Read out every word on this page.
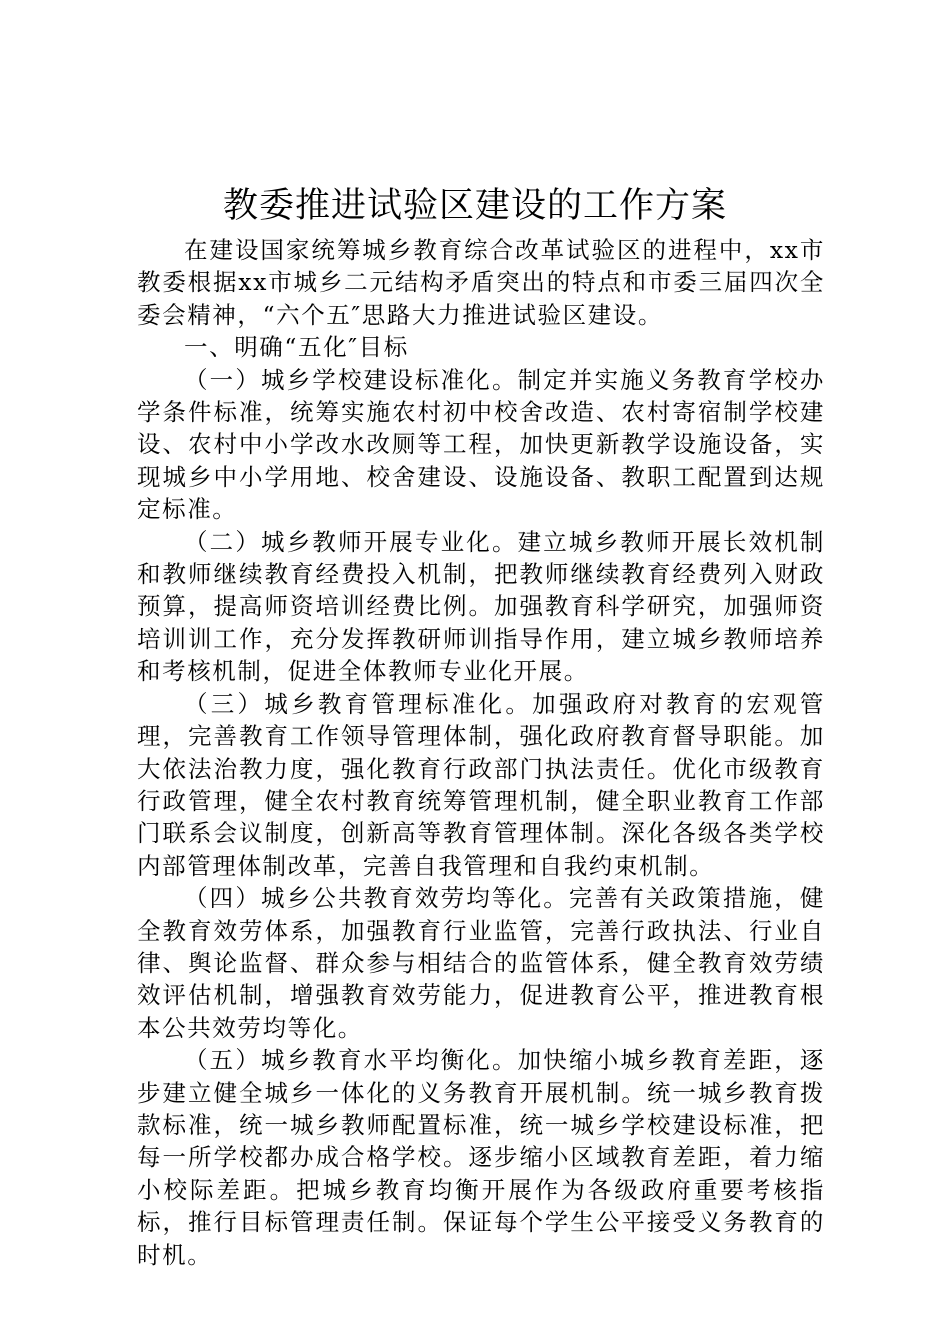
教委推进试验区建设的工作方案

在建设国家统筹城乡教育综合改革试验区的进程中，xx市教委根据xx市城乡二元结构矛盾突出的特点和市委三届四次全委会精神，“六个五″思路大力推进试验区建设。

一、明确“五化″目标

（一）城乡学校建设标准化。制定并实施义务教育学校办学条件标准，统筹实施农村初中校舍改造、农村寄宿制学校建设、农村中小学改水改厕等工程，加快更新教学设施设备，实现城乡中小学用地、校舍建设、设施设备、教职工配置到达规定标准。

（二）城乡教师开展专业化。建立城乡教师开展长效机制和教师继续教育经费投入机制，把教师继续教育经费列入财政预算，提高师资培训经费比例。加强教育科学研究，加强师资培训训工作，充分发挥教研师训指导作用，建立城乡教师培养和考核机制，促进全体教师专业化开展。

（三）城乡教育管理标准化。加强政府对教育的宏观管理，完善教育工作领导管理体制，强化政府教育督导职能。加大依法治教力度，强化教育行政部门执法责任。优化市级教育行政管理，健全农村教育统筹管理机制，健全职业教育工作部门联系会议制度，创新高等教育管理体制。深化各级各类学校内部管理体制改革，完善自我管理和自我约束机制。

（四）城乡公共教育效劳均等化。完善有关政策措施，健全教育效劳体系，加强教育行业监管，完善行政执法、行业自律、舆论监督、群众参与相结合的监管体系，健全教育效劳绩效评估机制，增强教育效劳能力，促进教育公平，推进教育根本公共效劳均等化。

（五）城乡教育水平均衡化。加快缩小城乡教育差距，逐步建立健全城乡一体化的义务教育开展机制。统一城乡教育拨款标准，统一城乡教师配置标准，统一城乡学校建设标准，把每一所学校都办成合格学校。逐步缩小区域教育差距，着力缩小校际差距。把城乡教育均衡开展作为各级政府重要考核指标，推行目标管理责任制。保证每个学生公平接受义务教育的时机。
